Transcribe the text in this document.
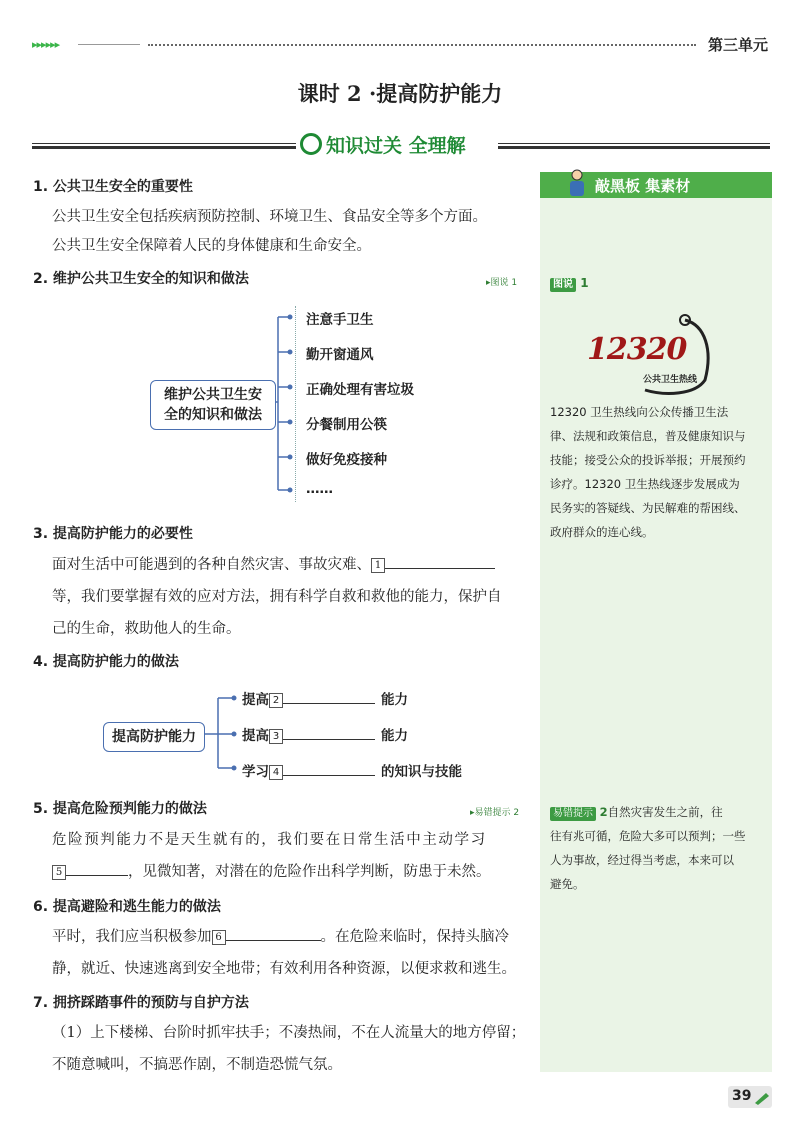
▸▸▸▸▸▸	第三单元
课时 2 ·提高防护能力
知识过关 全理解
敲黑板 集素材
1. 公共卫生安全的重要性
公共卫生安全包括疾病预防控制、环境卫生、食品安全等多个方面。
公共卫生安全保障着人民的身体健康和生命安全。
2. 维护公共卫生安全的知识和做法	▸图说 1
维护公共卫生安
全的知识和做法
注意手卫生
勤开窗通风
正确处理有害垃圾
分餐制用公筷
做好免疫接种
……
3. 提高防护能力的必要性
面对生活中可能遇到的各种自然灾害、事故灾难、 1
等，我们要掌握有效的应对方法，拥有科学自救和救他的能力，保护自
己的生命，救助他人的生命。
4. 提高防护能力的做法
提高防护能力
提高 2	能力
提高 3	能力
学习 4	的知识与技能
5. 提高危险预判能力的做法	▸易错提示 2
危险预判能力不是天生就有的，我们要在日常生活中主动学习
5	，见微知著，对潜在的危险作出科学判断，防患于未然。
6. 提高避险和逃生能力的做法
平时，我们应当积极参加 6	。在危险来临时，保持头脑冷
静，就近、快速逃离到安全地带；有效利用各种资源，以便求救和逃生。
7. 拥挤踩踏事件的预防与自护方法
（1）上下楼梯、台阶时抓牢扶手；不凑热闹，不在人流量大的地方停留；
不随意喊叫，不搞恶作剧，不制造恐慌气氛。
图说 1
12320
公共卫生热线
12320 卫生热线向公众传播卫生法
律、法规和政策信息，普及健康知识与
技能；接受公众的投诉举报；开展预约
诊疗。12320 卫生热线逐步发展成为
民务实的答疑线、为民解难的帮困线、
政府群众的连心线。
易错提示 2自然灾害发生之前，往
往有兆可循，危险大多可以预判；一些
人为事故，经过得当考虑，本来可以
避免。
39
